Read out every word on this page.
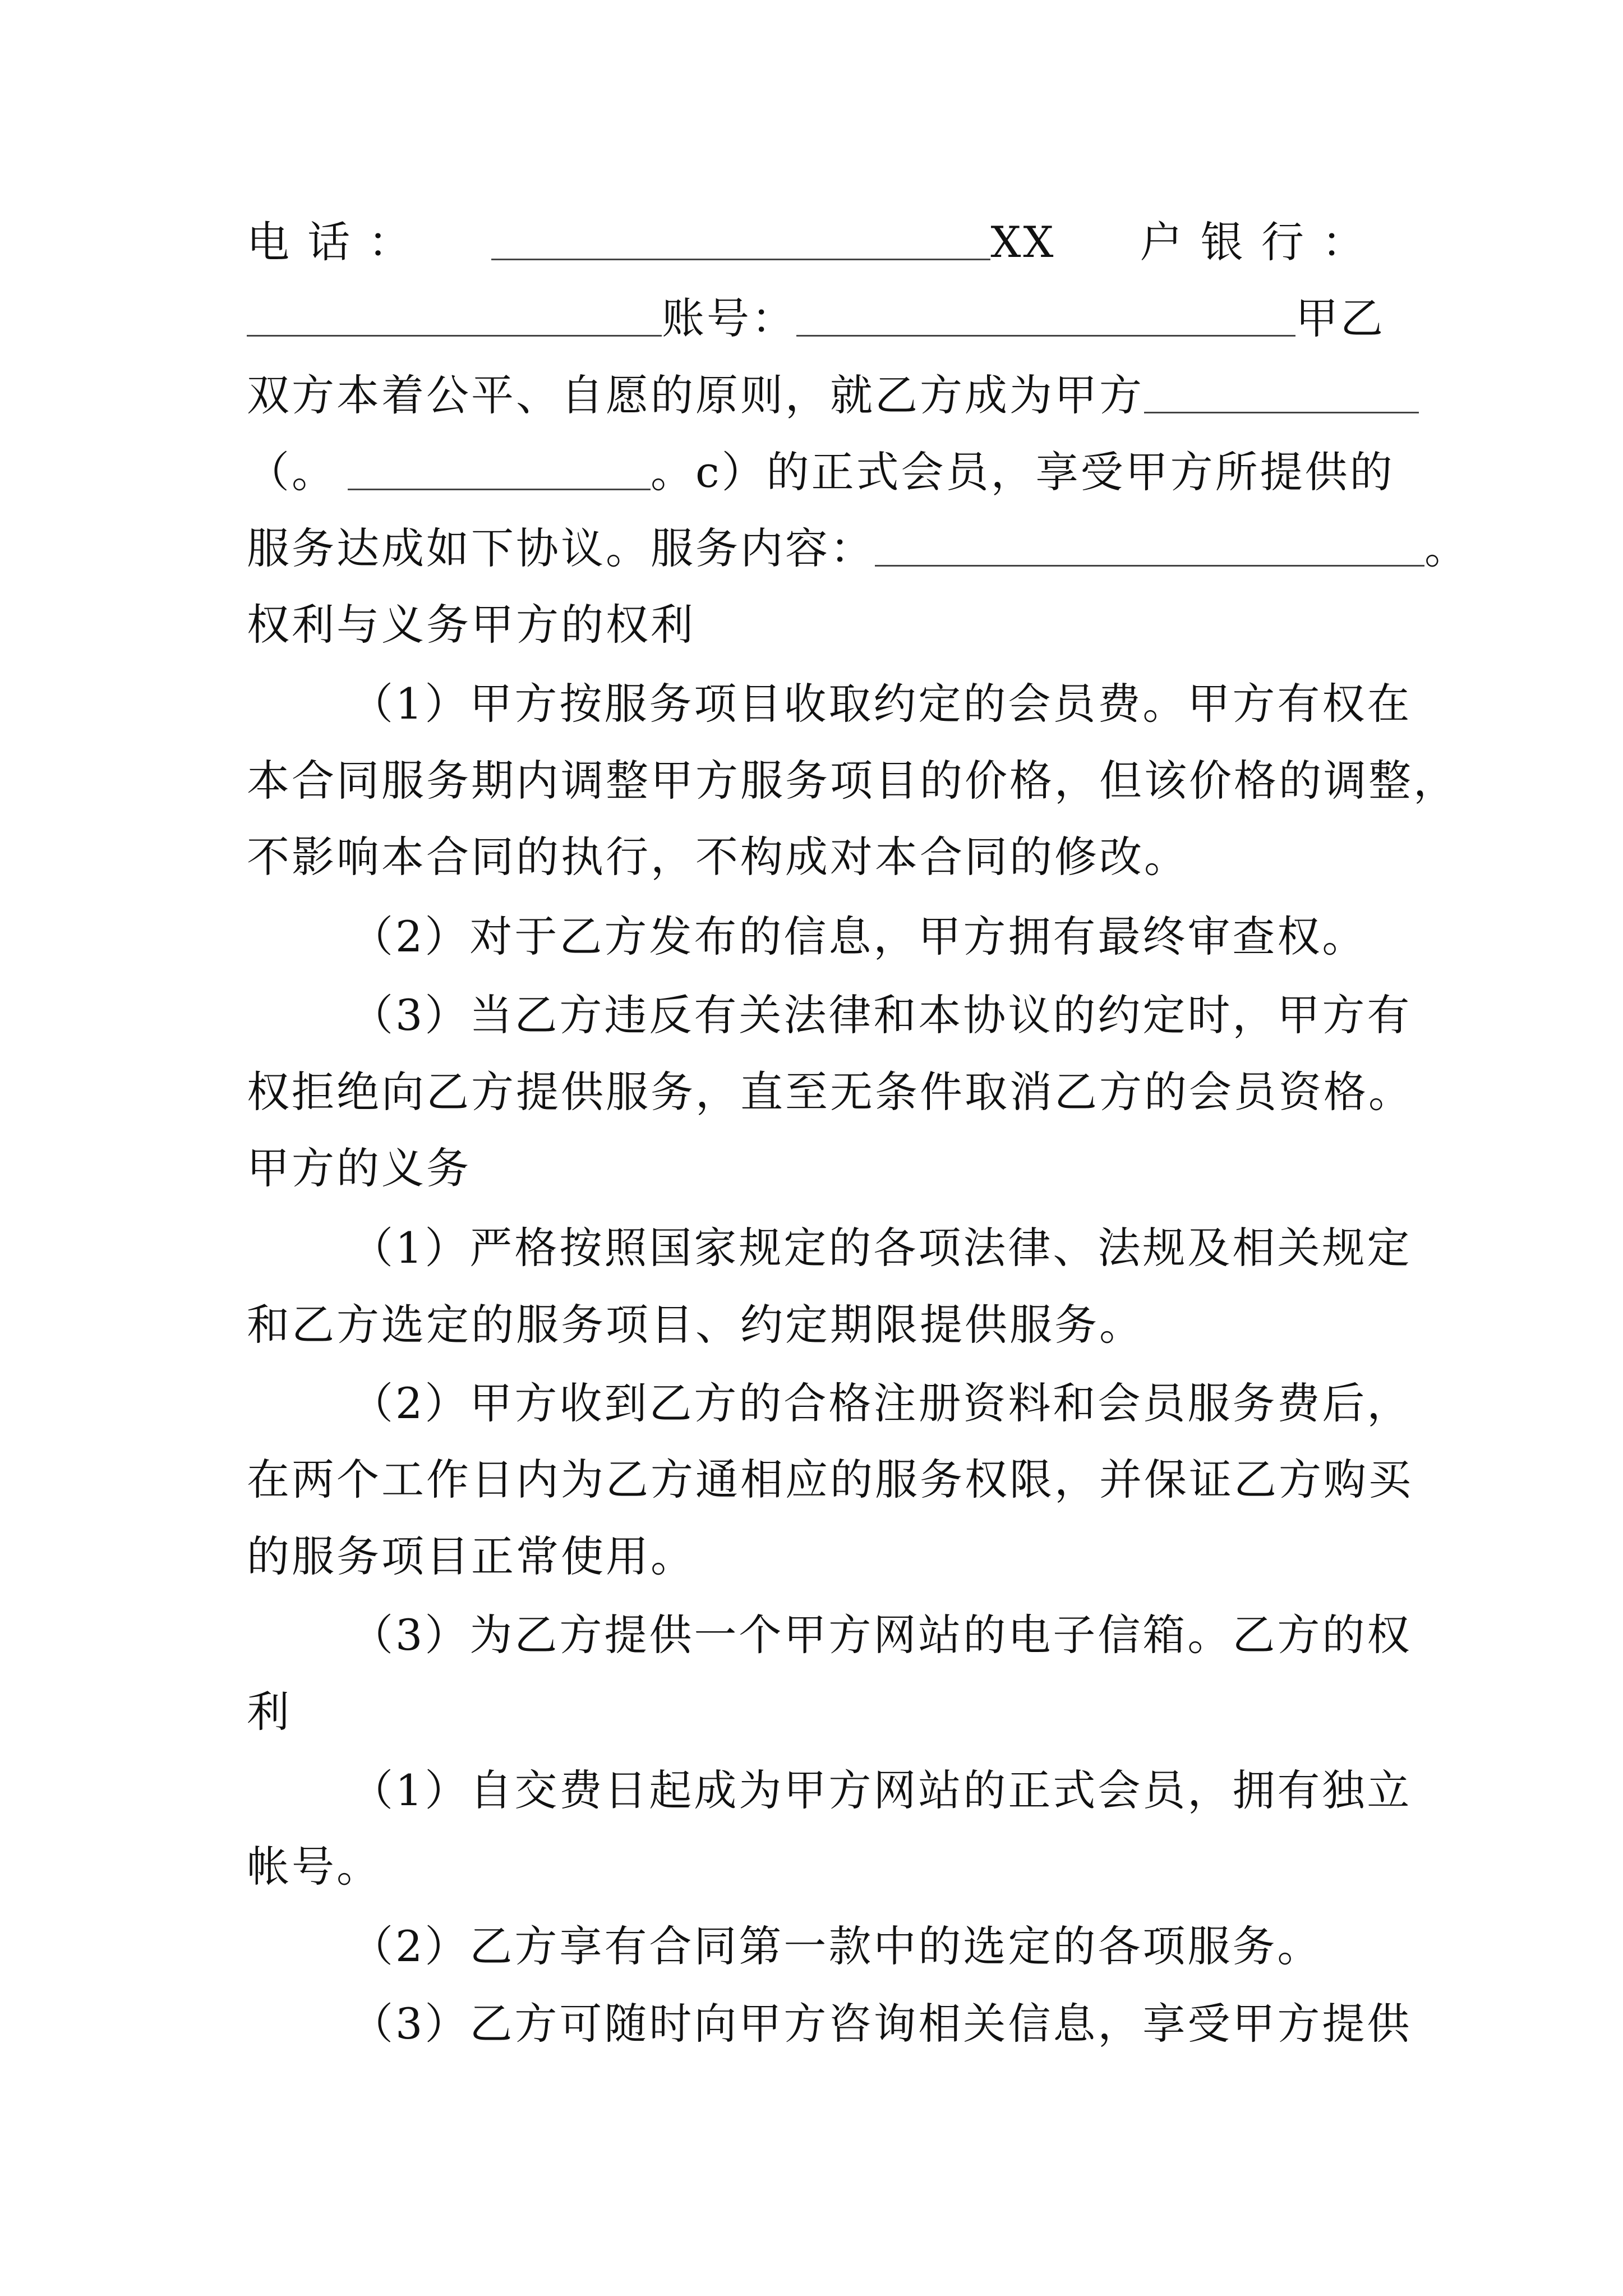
电 话 ：	XX 户 银 行 ：
账号：	甲乙
双方本着公平、自愿的原则，就乙方成为甲方
（。	。c）的正式会员，享受甲方所提供的
服务达成如下协议。服务内容：	。
权利与义务甲方的权利
（1）甲方按服务项目收取约定的会员费。甲方有权在
本合同服务期内调整甲方服务项目的价格，但该价格的调整，
不影响本合同的执行，不构成对本合同的修改。
（2）对于乙方发布的信息，甲方拥有最终审查权。
（3）当乙方违反有关法律和本协议的约定时，甲方有
权拒绝向乙方提供服务，直至无条件取消乙方的会员资格。
甲方的义务
（1）严格按照国家规定的各项法律、法规及相关规定
和乙方选定的服务项目、约定期限提供服务。
（2）甲方收到乙方的合格注册资料和会员服务费后，
在两个工作日内为乙方通相应的服务权限，并保证乙方购买
的服务项目正常使用。
（3）为乙方提供一个甲方网站的电子信箱。乙方的权
利
（1）自交费日起成为甲方网站的正式会员，拥有独立
帐号。
（2）乙方享有合同第一款中的选定的各项服务。
（3）乙方可随时向甲方咨询相关信息，享受甲方提供
